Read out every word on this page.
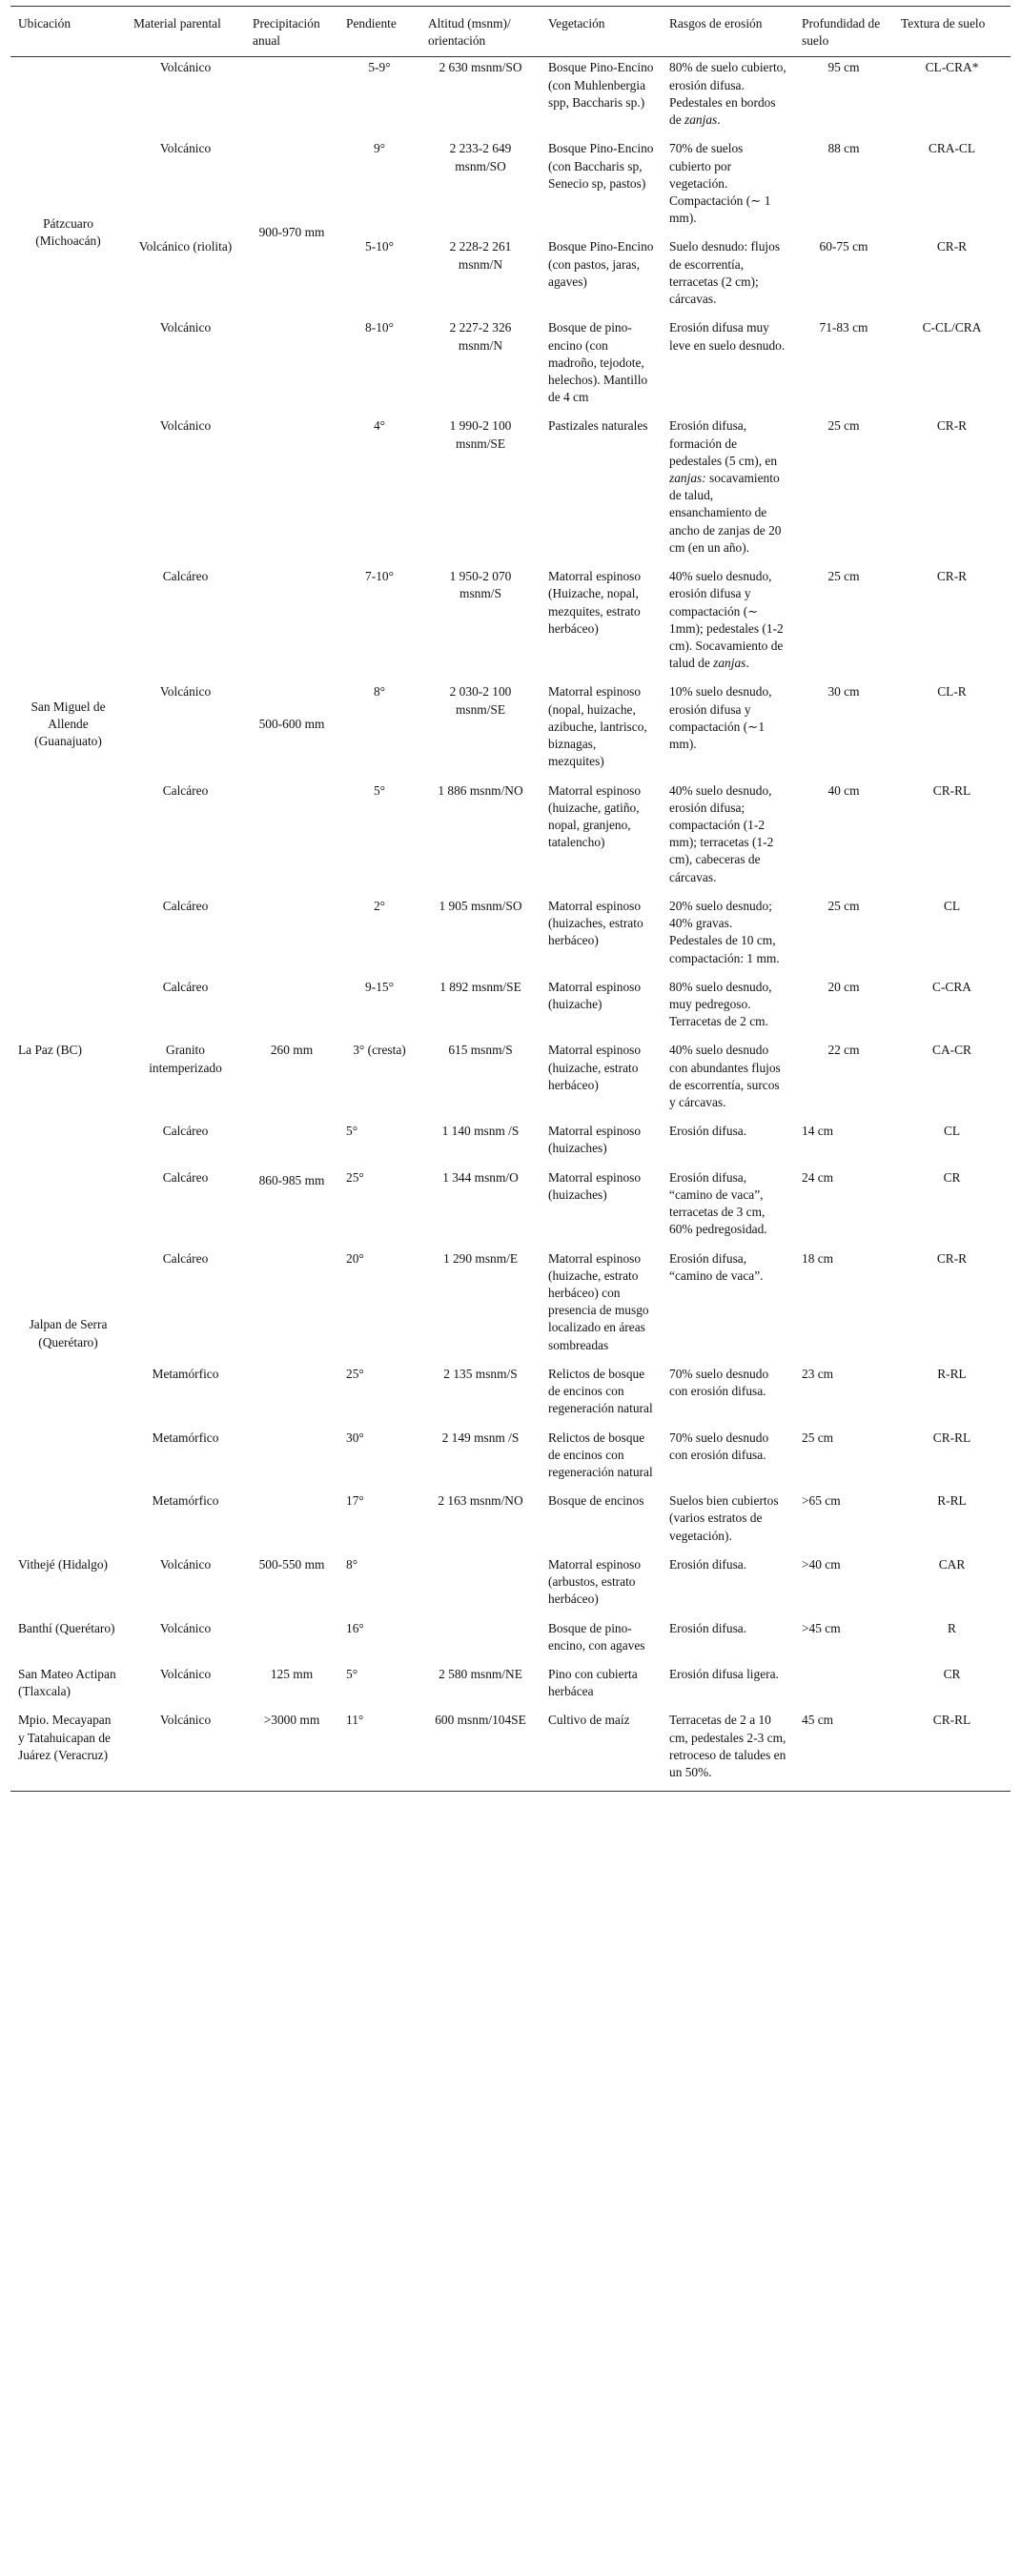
Ubicación	Material parental	Precipitación anual	Pendiente	Altitud (msnm)/ orientación	Vegetación	Rasgos de erosión	Profundidad de suelo	Textura de suelo
Pátzcuaro (Michoacán)	Volcánico	900-970 mm	5-9°	2 630 msnm/SO	Bosque Pino-Encino (con Muhlenbergia spp, Baccharis sp.)	80% de suelo cubierto, erosión difusa. Pedestales en bordos de zanjas.	95 cm	CL-CRA*
	Volcánico		9°	2 233-2 649 msnm/SO	Bosque Pino-Encino (con Baccharis sp, Senecio sp, pastos)	70% de suelos cubierto por vegetación. Compactación (∼ 1 mm).	88 cm	CRA-CL
	Volcánico (riolita)		5-10°	2 228-2 261 msnm/N	Bosque Pino-Encino (con pastos, jaras, agaves)	Suelo desnudo: flujos de escorrentía, terracetas (2 cm); cárcavas.	60-75 cm	CR-R
	Volcánico		8-10°	2 227-2 326 msnm/N	Bosque de pino-encino (con madroño, tejodote, helechos). Mantillo de 4 cm	Erosión difusa muy leve en suelo desnudo.	71-83 cm	C-CL/CRA
San Miguel de Allende (Guanajuato)	Volcánico	500-600 mm	4°	1 990-2 100 msnm/SE	Pastizales naturales	Erosión difusa, formación de pedestales (5 cm), en zanjas: socavamiento de talud, ensanchamiento de ancho de zanjas de 20 cm (en un año).	25 cm	CR-R
	Calcáreo		7-10°	1 950-2 070 msnm/S	Matorral espinoso (Huizache, nopal, mezquites, estrato herbáceo)	40% suelo desnudo, erosión difusa y compactación (∼ 1mm); pedestales (1-2 cm). Socavamiento de talud de zanjas.	25 cm	CR-R
	Volcánico		8°	2 030-2 100 msnm/SE	Matorral espinoso (nopal, huizache, azibuche, lantrisco, biznagas, mezquites)	10% suelo desnudo, erosión difusa y compactación (∼1 mm).	30 cm	CL-R
	Calcáreo		5°	1 886 msnm/NO	Matorral espinoso (huizache, gatiño, nopal, granjeno, tatalencho)	40% suelo desnudo, erosión difusa; compactación (1-2 mm); terracetas (1-2 cm), cabeceras de cárcavas.	40 cm	CR-RL
	Calcáreo		2°	1 905 msnm/SO	Matorral espinoso (huizaches, estrato herbáceo)	20% suelo desnudo; 40% gravas. Pedestales de 10 cm, compactación: 1 mm.	25 cm	CL
	Calcáreo		9-15°	1 892 msnm/SE	Matorral espinoso (huizache)	80% suelo desnudo, muy pedregoso. Terracetas de 2 cm.	20 cm	C-CRA
La Paz (BC)	Granito intemperizado	260 mm	3° (cresta)	615 msnm/S	Matorral espinoso (huizache, estrato herbáceo)	40% suelo desnudo con abundantes flujos de escorrentía, surcos y cárcavas.	22 cm	CA-CR
Jalpan de Serra (Querétaro)	Calcáreo	860-985 mm	5°	1 140 msnm /S	Matorral espinoso (huizaches)	Erosión difusa.	14 cm	CL
	Calcáreo		25°	1 344 msnm/O	Matorral espinoso (huizaches)	Erosión difusa, “camino de vaca”, terracetas de 3 cm, 60% pedregosidad.	24 cm	CR
	Calcáreo		20°	1 290 msnm/E	Matorral espinoso (huizache, estrato herbáceo) con presencia de musgo localizado en áreas sombreadas	Erosión difusa, “camino de vaca”.	18 cm	CR-R
	Metamórfico		25°	2 135 msnm/S	Relictos de bosque de encinos con regeneración natural	70% suelo desnudo con erosión difusa.	23 cm	R-RL
	Metamórfico		30°	2 149 msnm /S	Relictos de bosque de encinos con regeneración natural	70% suelo desnudo con erosión difusa.	25 cm	CR-RL
	Metamórfico		17°	2 163 msnm/NO	Bosque de encinos	Suelos bien cubiertos (varios estratos de vegetación).	>65 cm	R-RL
Vithejé (Hidalgo)	Volcánico	500-550 mm	8°		Matorral espinoso (arbustos, estrato herbáceo)	Erosión difusa.	>40 cm	CAR
Banthí (Querétaro)	Volcánico		16°		Bosque de pino-encino, con agaves	Erosión difusa.	>45 cm	R
San Mateo Actipan (Tlaxcala)	Volcánico	125 mm	5°	2 580 msnm/NE	Pino con cubierta herbácea	Erosión difusa ligera.		CR
Mpio. Mecayapan y Tatahuicapan de Juárez (Veracruz)	Volcánico	>3000 mm	11°	600 msnm/104SE	Cultivo de maíz	Terracetas de 2 a 10 cm, pedestales 2-3 cm, retroceso de taludes en un 50%.	45 cm	CR-RL
